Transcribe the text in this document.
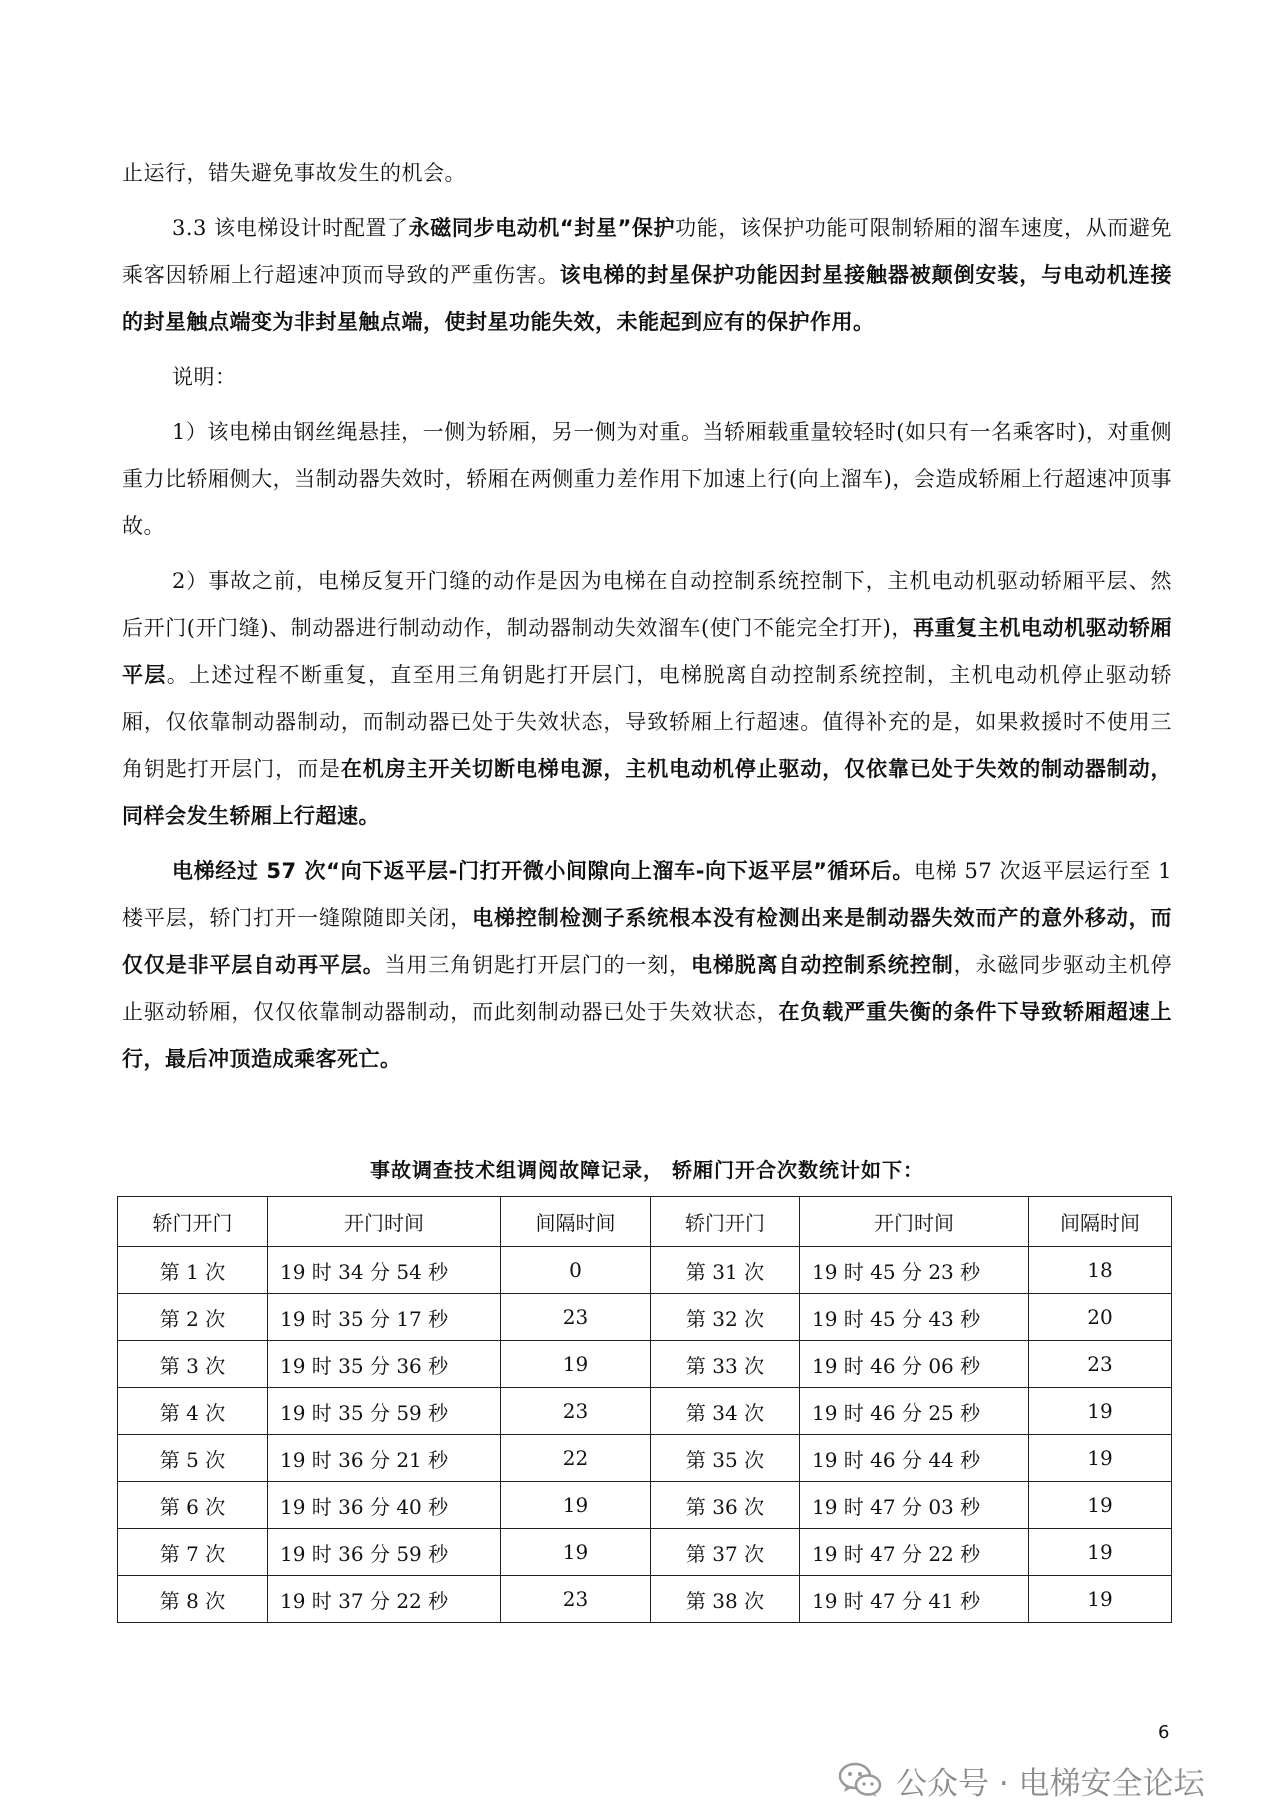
止运行，错失避免事故发生的机会。

3.3 该电梯设计时配置了永磁同步电动机“封星”保护功能，该保护功能可限制轿厢的溜车速度，从而避免乘客因轿厢上行超速冲顶而导致的严重伤害。该电梯的封星保护功能因封星接触器被颠倒安装，与电动机连接的封星触点端变为非封星触点端，使封星功能失效，未能起到应有的保护作用。

说明：

1）该电梯由钢丝绳悬挂，一侧为轿厢，另一侧为对重。当轿厢载重量较轻时(如只有一名乘客时)，对重侧重力比轿厢侧大，当制动器失效时，轿厢在两侧重力差作用下加速上行(向上溜车)，会造成轿厢上行超速冲顶事故。

2）事故之前，电梯反复开门缝的动作是因为电梯在自动控制系统控制下，主机电动机驱动轿厢平层、然后开门(开门缝)、制动器进行制动动作，制动器制动失效溜车(使门不能完全打开)，再重复主机电动机驱动轿厢平层。上述过程不断重复，直至用三角钥匙打开层门，电梯脱离自动控制系统控制，主机电动机停止驱动轿厢，仅依靠制动器制动，而制动器已处于失效状态，导致轿厢上行超速。值得补充的是，如果救援时不使用三角钥匙打开层门，而是在机房主开关切断电梯电源，主机电动机停止驱动，仅依靠已处于失效的制动器制动，同样会发生轿厢上行超速。

电梯经过 57 次“向下返平层-门打开微小间隙向上溜车-向下返平层”循环后。电梯 57 次返平层运行至 1 楼平层，轿门打开一缝隙随即关闭，电梯控制检测子系统根本没有检测出来是制动器失效而产的意外移动，而仅仅是非平层自动再平层。当用三角钥匙打开层门的一刻，电梯脱离自动控制系统控制，永磁同步驱动主机停止驱动轿厢，仅仅依靠制动器制动，而此刻制动器已处于失效状态，在负载严重失衡的条件下导致轿厢超速上行，最后冲顶造成乘客死亡。

事故调查技术组调阅故障记录， 轿厢门开合次数统计如下：
轿门开门	开门时间	间隔时间	轿门开门	开门时间	间隔时间
第 1 次	19 时 34 分 54 秒	0	第 31 次	19 时 45 分 23 秒	18
第 2 次	19 时 35 分 17 秒	23	第 32 次	19 时 45 分 43 秒	20
第 3 次	19 时 35 分 36 秒	19	第 33 次	19 时 46 分 06 秒	23
第 4 次	19 时 35 分 59 秒	23	第 34 次	19 时 46 分 25 秒	19
第 5 次	19 时 36 分 21 秒	22	第 35 次	19 时 46 分 44 秒	19
第 6 次	19 时 36 分 40 秒	19	第 36 次	19 时 47 分 03 秒	19
第 7 次	19 时 36 分 59 秒	19	第 37 次	19 时 47 分 22 秒	19
第 8 次	19 时 37 分 22 秒	23	第 38 次	19 时 47 分 41 秒	19
6
公众号 · 电梯安全论坛
